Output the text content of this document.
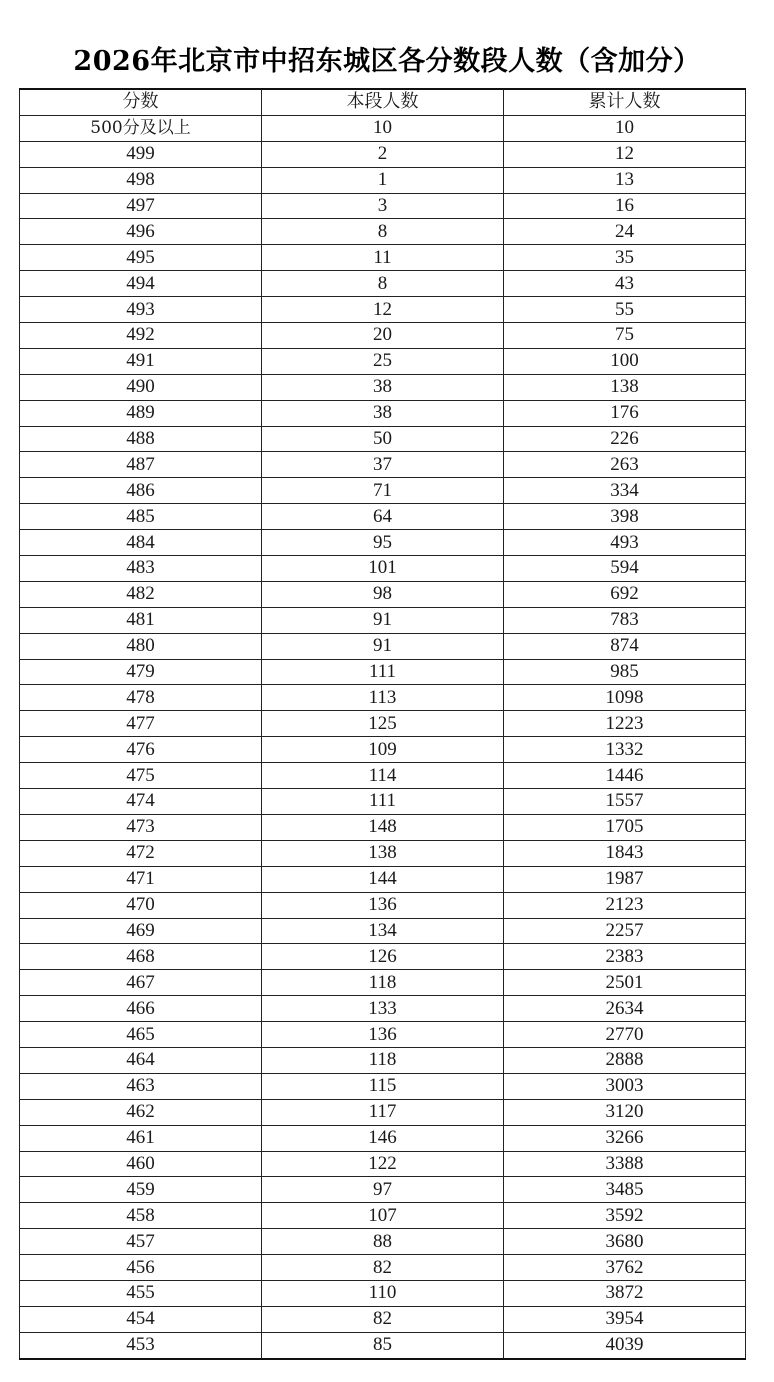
2026年北京市中招东城区各分数段人数（含加分）
分数	本段人数	累计人数
500分及以上	10	10
499	2	12
498	1	13
497	3	16
496	8	24
495	11	35
494	8	43
493	12	55
492	20	75
491	25	100
490	38	138
489	38	176
488	50	226
487	37	263
486	71	334
485	64	398
484	95	493
483	101	594
482	98	692
481	91	783
480	91	874
479	111	985
478	113	1098
477	125	1223
476	109	1332
475	114	1446
474	111	1557
473	148	1705
472	138	1843
471	144	1987
470	136	2123
469	134	2257
468	126	2383
467	118	2501
466	133	2634
465	136	2770
464	118	2888
463	115	3003
462	117	3120
461	146	3266
460	122	3388
459	97	3485
458	107	3592
457	88	3680
456	82	3762
455	110	3872
454	82	3954
453	85	4039
